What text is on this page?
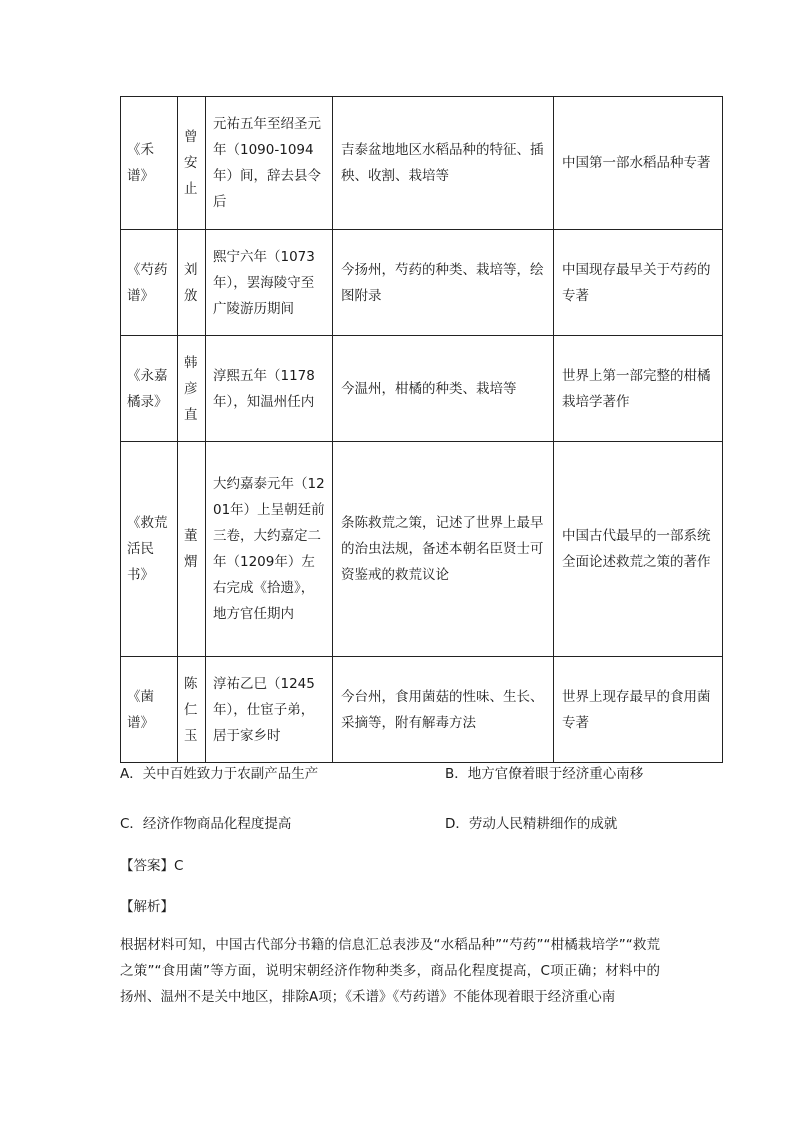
《禾谱》	曾安止	元祐五年至绍圣元年（1090-1094年）间，辞去县令后	吉泰盆地地区水稻品种的特征、插秧、收割、栽培等	中国第一部水稻品种专著
《芍药谱》	刘攽	熙宁六年（1073年），罢海陵守至广陵游历期间	今扬州，芍药的种类、栽培等，绘图附录	中国现存最早关于芍药的专著
《永嘉橘录》	韩彦直	淳熙五年（1178年），知温州任内	今温州，柑橘的种类、栽培等	世界上第一部完整的柑橘栽培学著作
《救荒活民书》	董煟	大约嘉泰元年（1201年）上呈朝廷前三卷，大约嘉定二年（1209年）左右完成《拾遗》，地方官任期内	条陈救荒之策，记述了世界上最早的治虫法规，备述本朝名臣贤士可资鉴戒的救荒议论	中国古代最早的一部系统全面论述救荒之策的著作
《菌谱》	陈仁玉	淳祐乙巳（1245年），仕宦子弟，居于家乡时	今台州，食用菌菇的性味、生长、采摘等，附有解毒方法	世界上现存最早的食用菌专著
A．关中百姓致力于农副产品生产	B．地方官僚着眼于经济重心南移
C．经济作物商品化程度提高	D．劳动人民精耕细作的成就
【答案】C
【解析】
根据材料可知，中国古代部分书籍的信息汇总表涉及“水稻品种”“芍药”“柑橘栽培学”“救荒之策”“食用菌”等方面，说明宋朝经济作物种类多，商品化程度提高，C项正确；材料中的扬州、温州不是关中地区，排除A项；《禾谱》《芍药谱》不能体现着眼于经济重心南
